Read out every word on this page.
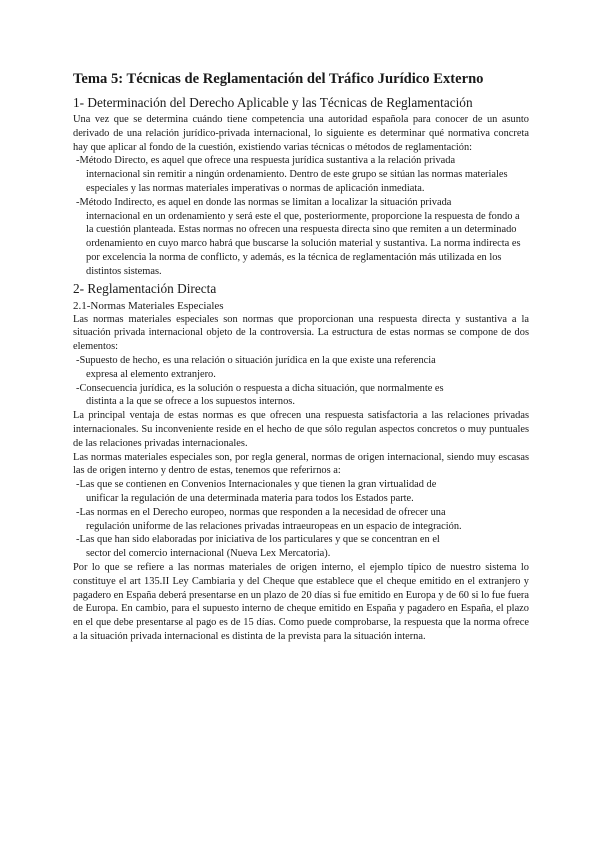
Tema 5: Técnicas de Reglamentación del Tráfico Jurídico Externo
1- Determinación del Derecho Aplicable y las Técnicas de Reglamentación

Una vez que se determina cuándo tiene competencia una autoridad española para conocer de un asunto derivado de una relación jurídico-privada internacional, lo siguiente es determinar qué normativa concreta hay que aplicar al fondo de la cuestión, existiendo varias técnicas o métodos de reglamentación:

-Método Directo, es aquel que ofrece una respuesta jurídica sustantiva a la relación privada
internacional sin remitir a ningún ordenamiento. Dentro de este grupo se sitúan las normas materiales especiales y las normas materiales imperativas o normas de aplicación inmediata.
-Método Indirecto, es aquel en donde las normas se limitan a localizar la situación privada
internacional en un ordenamiento y será este el que, posteriormente, proporcione la respuesta de fondo a la cuestión planteada. Estas normas no ofrecen una respuesta directa sino que remiten a un determinado ordenamiento en cuyo marco habrá que buscarse la solución material y sustantiva. La norma indirecta es por excelencia la norma de conflicto, y además, es la técnica de reglamentación más utilizada en los distintos sistemas.
2- Reglamentación Directa
2.1-Normas Materiales Especiales

Las normas materiales especiales son normas que proporcionan una respuesta directa y sustantiva a la situación privada internacional objeto de la controversia. La estructura de estas normas se compone de dos elementos:

-Supuesto de hecho, es una relación o situación jurídica en la que existe una referencia
expresa al elemento extranjero.
-Consecuencia jurídica, es la solución o respuesta a dicha situación, que normalmente es
distinta a la que se ofrece a los supuestos internos.

La principal ventaja de estas normas es que ofrecen una respuesta satisfactoria a las relaciones privadas internacionales. Su inconveniente reside en el hecho de que sólo regulan aspectos concretos o muy puntuales de las relaciones privadas internacionales.

Las normas materiales especiales son, por regla general, normas de origen internacional, siendo muy escasas las de origen interno y dentro de estas, tenemos que referirnos a:

-Las que se contienen en Convenios Internacionales y que tienen la gran virtualidad de
unificar la regulación de una determinada materia para todos los Estados parte.
-Las normas en el Derecho europeo, normas que responden a la necesidad de ofrecer una
regulación uniforme de las relaciones privadas intraeuropeas en un espacio de integración.
-Las que han sido elaboradas por iniciativa de los particulares y que se concentran en el
sector del comercio internacional (Nueva Lex Mercatoria).

Por lo que se refiere a las normas materiales de origen interno, el ejemplo típico de nuestro sistema lo constituye el art 135.II Ley Cambiaria y del Cheque que establece que el cheque emitido en el extranjero y pagadero en España deberá presentarse en un plazo de 20 días si fue emitido en Europa y de 60 si lo fue fuera de Europa. En cambio, para el supuesto interno de cheque emitido en España y pagadero en España, el plazo en el que debe presentarse al pago es de 15 días. Como puede comprobarse, la respuesta que la norma ofrece a la situación privada internacional es distinta de la prevista para la situación interna.
